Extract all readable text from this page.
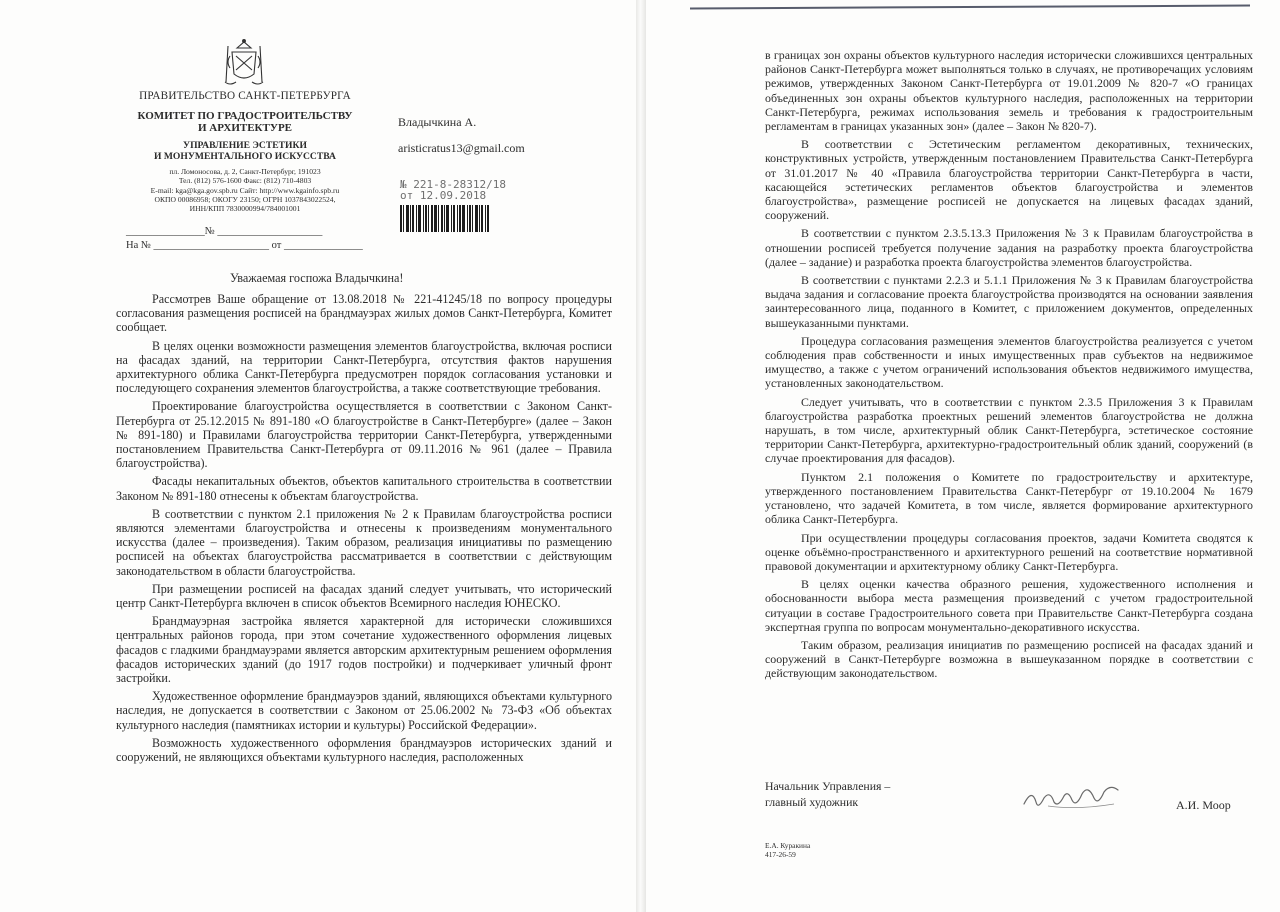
ПРАВИТЕЛЬСТВО САНКТ-ПЕТЕРБУРГА
КОМИТЕТ ПО ГРАДОСТРОИТЕЛЬСТВУ
И АРХИТЕКТУРЕ
УПРАВЛЕНИЕ ЭСТЕТИКИ
И МОНУМЕНТАЛЬНОГО ИСКУССТВА
пл. Ломоносова, д. 2, Санкт-Петербург, 191023
Тел. (812) 576-1600 Факс: (812) 710-4803
E-mail: kga@kga.gov.spb.ru Сайт: http://www.kgainfo.spb.ru
ОКПО 00086958; ОКОГУ 23150; ОГРН 1037843022524,
ИНН/КПП 7830000994/784001001
Владычкина А.
aristicratus13@gmail.com
№ 221-8-28312/18
от 12.09.2018
_______________№ ____________________
На № ______________________ от _______________
Уважаемая госпожа Владычкина!

Рассмотрев Ваше обращение от 13.08.2018 № 221-41245/18 по вопросу процедуры согласования размещения росписей на брандмауэрах жилых домов Санкт-Петербурга, Комитет сообщает.

В целях оценки возможности размещения элементов благоустройства, включая росписи на фасадах зданий, на территории Санкт-Петербурга, отсутствия фактов нарушения архитектурного облика Санкт-Петербурга предусмотрен порядок согласования установки и последующего сохранения элементов благоустройства, а также соответствующие требования.

Проектирование благоустройства осуществляется в соответствии с Законом Санкт-Петербурга от 25.12.2015 № 891-180 «О благоустройстве в Санкт-Петербурге» (далее – Закон № 891-180) и Правилами благоустройства территории Санкт-Петербурга, утвержденными постановлением Правительства Санкт-Петербурга от 09.11.2016 № 961 (далее – Правила благоустройства).

Фасады некапитальных объектов, объектов капитального строительства в соответствии Законом № 891-180 отнесены к объектам благоустройства.

В соответствии с пунктом 2.1 приложения № 2 к Правилам благоустройства росписи являются элементами благоустройства и отнесены к произведениям монументального искусства (далее – произведения). Таким образом, реализация инициативы по размещению росписей на объектах благоустройства рассматривается в соответствии с действующим законодательством в области благоустройства.

При размещении росписей на фасадах зданий следует учитывать, что исторический центр Санкт-Петербурга включен в список объектов Всемирного наследия ЮНЕСКО.

Брандмауэрная застройка является характерной для исторически сложившихся центральных районов города, при этом сочетание художественного оформления лицевых фасадов с гладкими брандмауэрами является авторским архитектурным решением оформления фасадов исторических зданий (до 1917 годов постройки) и подчеркивает уличный фронт застройки.

Художественное оформление брандмауэров зданий, являющихся объектами культурного наследия, не допускается в соответствии с Законом от 25.06.2002 № 73-ФЗ «Об объектах культурного наследия (памятниках истории и культуры) Российской Федерации».

Возможность художественного оформления брандмауэров исторических зданий и сооружений, не являющихся объектами культурного наследия, расположенных

в границах зон охраны объектов культурного наследия исторически сложившихся центральных районов Санкт-Петербурга может выполняться только в случаях, не противоречащих условиям режимов, утвержденных Законом Санкт-Петербурга от 19.01.2009 № 820-7 «О границах объединенных зон охраны объектов культурного наследия, расположенных на территории Санкт-Петербурга, режимах использования земель и требования к градостроительным регламентам в границах указанных зон» (далее – Закон № 820-7).

В соответствии с Эстетическим регламентом декоративных, технических, конструктивных устройств, утвержденным постановлением Правительства Санкт-Петербурга от 31.01.2017 № 40 «Правила благоустройства территории Санкт-Петербурга в части, касающейся эстетических регламентов объектов благоустройства и элементов благоустройства», размещение росписей не допускается на лицевых фасадах зданий, сооружений.

В соответствии с пунктом 2.3.5.13.3 Приложения № 3 к Правилам благоустройства в отношении росписей требуется получение задания на разработку проекта благоустройства (далее – задание) и разработка проекта благоустройства элементов благоустройства.

В соответствии с пунктами 2.2.3 и 5.1.1 Приложения № 3 к Правилам благоустройства выдача задания и согласование проекта благоустройства производятся на основании заявления заинтересованного лица, поданного в Комитет, с приложением документов, определенных вышеуказанными пунктами.

Процедура согласования размещения элементов благоустройства реализуется с учетом соблюдения прав собственности и иных имущественных прав субъектов на недвижимое имущество, а также с учетом ограничений использования объектов недвижимого имущества, установленных законодательством.

Следует учитывать, что в соответствии с пунктом 2.3.5 Приложения 3 к Правилам благоустройства разработка проектных решений элементов благоустройства не должна нарушать, в том числе, архитектурный облик Санкт-Петербурга, эстетическое состояние территории Санкт-Петербурга, архитектурно-градостроительный облик зданий, сооружений (в случае проектирования для фасадов).

Пунктом 2.1 положения о Комитете по градостроительству и архитектуре, утвержденного постановлением Правительства Санкт-Петербург от 19.10.2004 № 1679 установлено, что задачей Комитета, в том числе, является формирование архитектурного облика Санкт-Петербурга.

При осуществлении процедуры согласования проектов, задачи Комитета сводятся к оценке объёмно-пространственного и архитектурного решений на соответствие нормативной правовой документации и архитектурному облику Санкт-Петербурга.

В целях оценки качества образного решения, художественного исполнения и обоснованности выбора места размещения произведений с учетом градостроительной ситуации в составе Градостроительного совета при Правительстве Санкт-Петербурга создана экспертная группа по вопросам монументально-декоративного искусства.

Таким образом, реализация инициатив по размещению росписей на фасадах зданий и сооружений в Санкт-Петербурге возможна в вышеуказанном порядке в соответствии с действующим законодательством.

Начальник Управления –
главный художник	А.И. Моор
Е.А. Куракина
417-26-59
